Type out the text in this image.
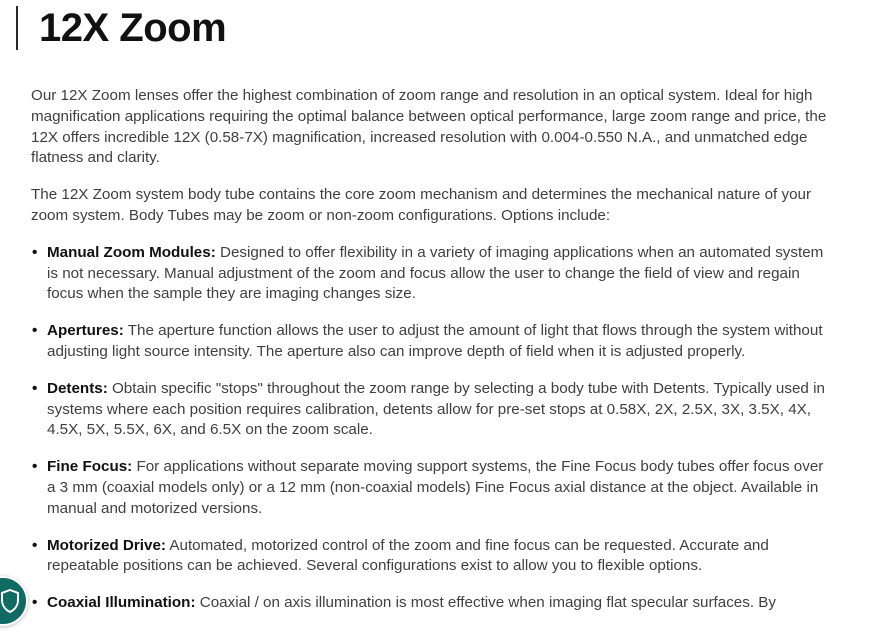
12X Zoom

Our 12X Zoom lenses offer the highest combination of zoom range and resolution in an optical system. Ideal for high magnification applications requiring the optimal balance between optical performance, large zoom range and price, the 12X offers incredible 12X (0.58-7X) magnification, increased resolution with 0.004-0.550 N.A., and unmatched edge flatness and clarity.

The 12X Zoom system body tube contains the core zoom mechanism and determines the mechanical nature of your zoom system. Body Tubes may be zoom or non-zoom configurations. Options include:

• Manual Zoom Modules: Designed to offer flexibility in a variety of imaging applications when an automated system is not necessary. Manual adjustment of the zoom and focus allow the user to change the field of view and regain focus when the sample they are imaging changes size.
• Apertures: The aperture function allows the user to adjust the amount of light that flows through the system without adjusting light source intensity. The aperture also can improve depth of field when it is adjusted properly.
• Detents: Obtain specific "stops" throughout the zoom range by selecting a body tube with Detents. Typically used in systems where each position requires calibration, detents allow for pre-set stops at 0.58X, 2X, 2.5X, 3X, 3.5X, 4X, 4.5X, 5X, 5.5X, 6X, and 6.5X on the zoom scale.
• Fine Focus: For applications without separate moving support systems, the Fine Focus body tubes offer focus over a 3 mm (coaxial models only) or a 12 mm (non-coaxial models) Fine Focus axial distance at the object. Available in manual and motorized versions.
• Motorized Drive: Automated, motorized control of the zoom and fine focus can be requested. Accurate and repeatable positions can be achieved. Several configurations exist to allow you to flexible options.
• Coaxial Illumination: Coaxial / on axis illumination is most effective when imaging flat specular surfaces. By
